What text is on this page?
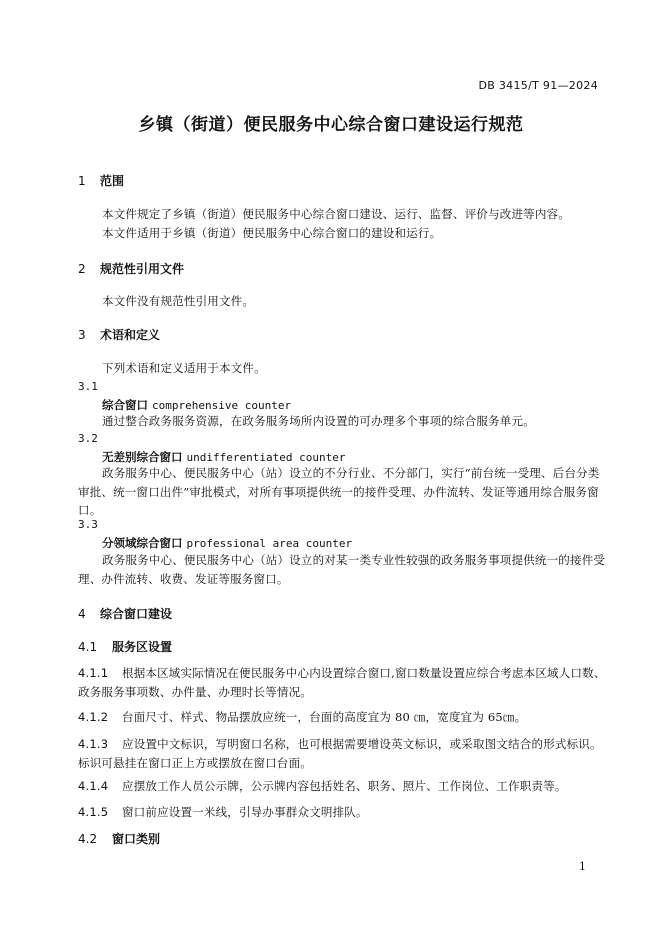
DB 3415/T 91—2024
乡镇（街道）便民服务中心综合窗口建设运行规范
1 范围
本文件规定了乡镇（街道）便民服务中心综合窗口建设、运行、监督、评价与改进等内容。
本文件适用于乡镇（街道）便民服务中心综合窗口的建设和运行。
2 规范性引用文件
本文件没有规范性引用文件。
3 术语和定义
下列术语和定义适用于本文件。
3.1
综合窗口 comprehensive counter
通过整合政务服务资源，在政务服务场所内设置的可办理多个事项的综合服务单元。
3.2
无差别综合窗口 undifferentiated counter
政务服务中心、便民服务中心（站）设立的不分行业、不分部门，实行“前台统一受理、后台分类
审批、统一窗口出件”审批模式，对所有事项提供统一的接件受理、办件流转、发证等通用综合服务窗
口。
3.3
分领域综合窗口 professional area counter
政务服务中心、便民服务中心（站）设立的对某一类专业性较强的政务服务事项提供统一的接件受
理、办件流转、收费、发证等服务窗口。
4 综合窗口建设
4.1 服务区设置
4.1.1 根据本区域实际情况在便民服务中心内设置综合窗口,窗口数量设置应综合考虑本区域人口数、
政务服务事项数、办件量、办理时长等情况。
4.1.2 台面尺寸、样式、物品摆放应统一，台面的高度宜为 80 ㎝，宽度宜为 65㎝。
4.1.3 应设置中文标识，写明窗口名称，也可根据需要增设英文标识，或采取图文结合的形式标识。
标识可悬挂在窗口正上方或摆放在窗口台面。
4.1.4 应摆放工作人员公示牌，公示牌内容包括姓名、职务、照片、工作岗位、工作职责等。
4.1.5 窗口前应设置一米线，引导办事群众文明排队。
4.2 窗口类别
1
